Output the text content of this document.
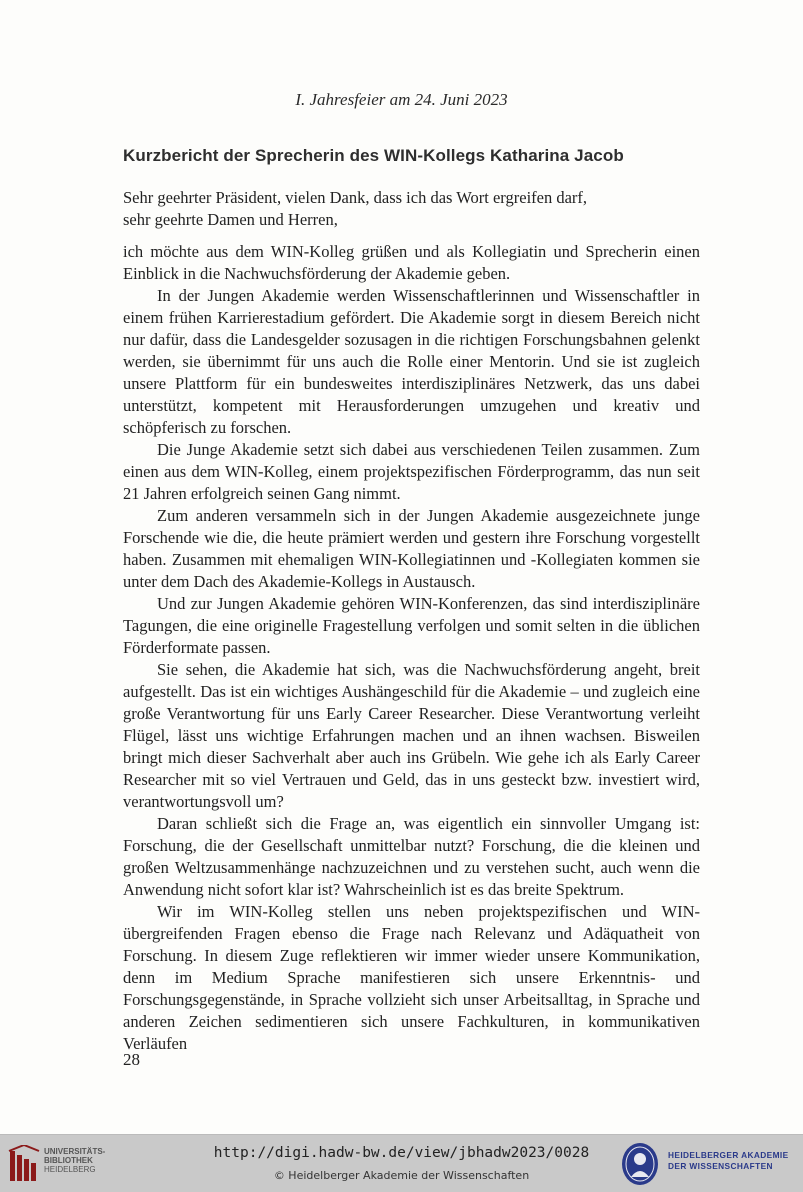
I. Jahresfeier am 24. Juni 2023
Kurzbericht der Sprecherin des WIN-Kollegs Katharina Jacob
Sehr geehrter Präsident, vielen Dank, dass ich das Wort ergreifen darf,
sehr geehrte Damen und Herren,

ich möchte aus dem WIN-Kolleg grüßen und als Kollegiatin und Sprecherin einen Einblick in die Nachwuchsförderung der Akademie geben.

In der Jungen Akademie werden Wissenschaftlerinnen und Wissenschaftler in einem frühen Karrierestadium gefördert. Die Akademie sorgt in diesem Bereich nicht nur dafür, dass die Landesgelder sozusagen in die richtigen Forschungsbahnen gelenkt werden, sie übernimmt für uns auch die Rolle einer Mentorin. Und sie ist zugleich unsere Plattform für ein bundesweites interdisziplinäres Netzwerk, das uns dabei unterstützt, kompetent mit Herausforderungen umzugehen und kreativ und schöpferisch zu forschen.

Die Junge Akademie setzt sich dabei aus verschiedenen Teilen zusammen. Zum einen aus dem WIN-Kolleg, einem projektspezifischen Förderprogramm, das nun seit 21 Jahren erfolgreich seinen Gang nimmt.

Zum anderen versammeln sich in der Jungen Akademie ausgezeichnete junge Forschende wie die, die heute prämiert werden und gestern ihre Forschung vorgestellt haben. Zusammen mit ehemaligen WIN-Kollegiatinnen und -Kollegiaten kommen sie unter dem Dach des Akademie-Kollegs in Austausch.

Und zur Jungen Akademie gehören WIN-Konferenzen, das sind interdisziplinäre Tagungen, die eine originelle Fragestellung verfolgen und somit selten in die üblichen Förderformate passen.

Sie sehen, die Akademie hat sich, was die Nachwuchsförderung angeht, breit aufgestellt. Das ist ein wichtiges Aushängeschild für die Akademie – und zugleich eine große Verantwortung für uns Early Career Researcher. Diese Verantwortung verleiht Flügel, lässt uns wichtige Erfahrungen machen und an ihnen wachsen. Bisweilen bringt mich dieser Sachverhalt aber auch ins Grübeln. Wie gehe ich als Early Career Researcher mit so viel Vertrauen und Geld, das in uns gesteckt bzw. investiert wird, verantwortungsvoll um?

Daran schließt sich die Frage an, was eigentlich ein sinnvoller Umgang ist: Forschung, die der Gesellschaft unmittelbar nutzt? Forschung, die die kleinen und großen Weltzusammenhänge nachzuzeichnen und zu verstehen sucht, auch wenn die Anwendung nicht sofort klar ist? Wahrscheinlich ist es das breite Spektrum.

Wir im WIN-Kolleg stellen uns neben projektspezifischen und WIN-übergreifenden Fragen ebenso die Frage nach Relevanz und Adäquatheit von Forschung. In diesem Zuge reflektieren wir immer wieder unsere Kommunikation, denn im Medium Sprache manifestieren sich unsere Erkenntnis- und Forschungsgegenstände, in Sprache vollzieht sich unser Arbeitsalltag, in Sprache und anderen Zeichen sedimentieren sich unsere Fachkulturen, in kommunikativen Verläufen

28
UNIVERSITÄTS-
BIBLIOTHEK
HEIDELBERG
http://digi.hadw-bw.de/view/jbhadw2023/0028
© Heidelberger Akademie der Wissenschaften
HEIDELBERGER AKADEMIE
DER WISSENSCHAFTEN
